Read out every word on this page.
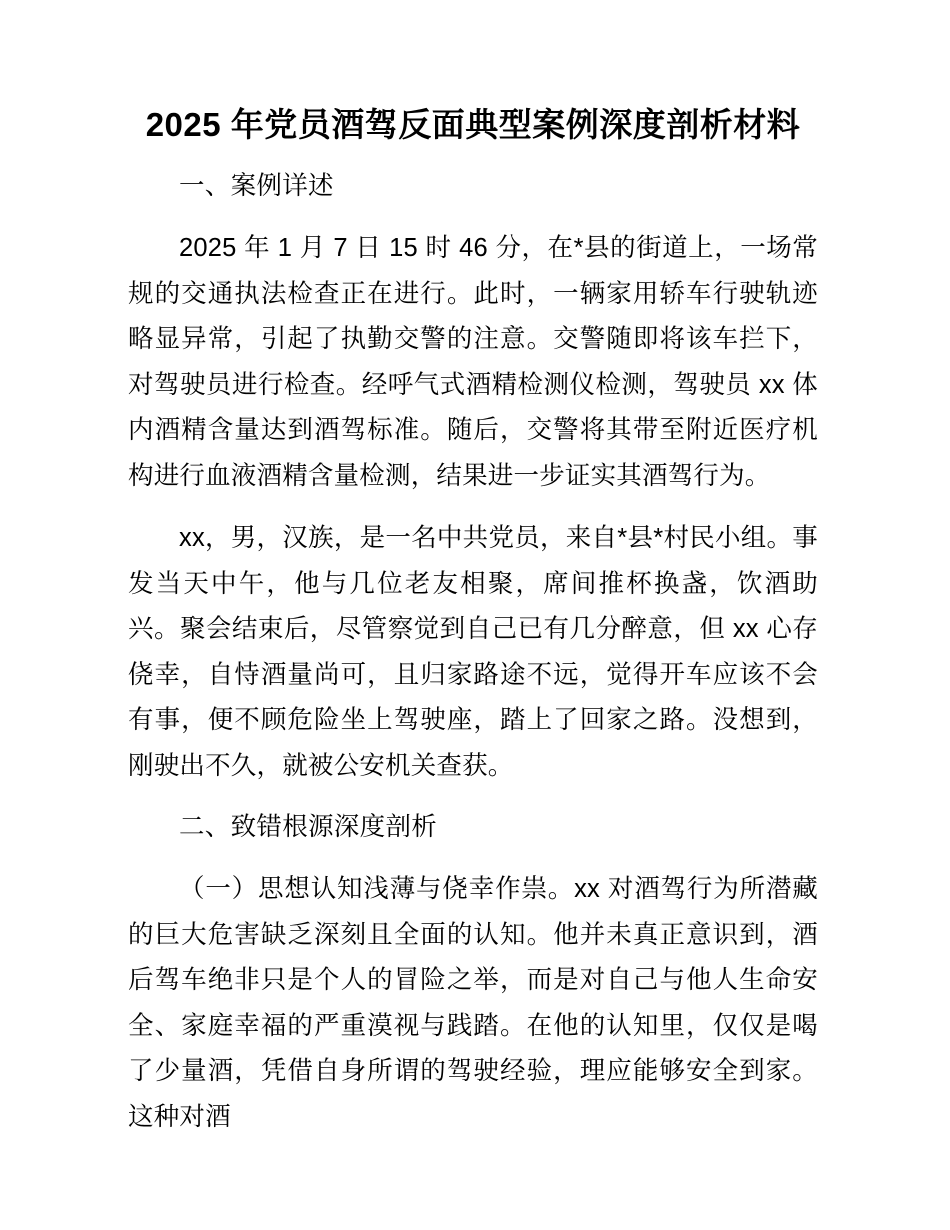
2025 年党员酒驾反面典型案例深度剖析材料
一、案例详述

2025 年 1 月 7 日 15 时 46 分，在*县的街道上，一场常规的交通执法检查正在进行。此时，一辆家用轿车行驶轨迹略显异常，引起了执勤交警的注意。交警随即将该车拦下，对驾驶员进行检查。经呼气式酒精检测仪检测，驾驶员 xx 体内酒精含量达到酒驾标准。随后，交警将其带至附近医疗机构进行血液酒精含量检测，结果进一步证实其酒驾行为。

xx，男，汉族，是一名中共党员，来自*县*村民小组。事发当天中午，他与几位老友相聚，席间推杯换盏，饮酒助兴。聚会结束后，尽管察觉到自己已有几分醉意，但 xx 心存侥幸，自恃酒量尚可，且归家路途不远，觉得开车应该不会有事，便不顾危险坐上驾驶座，踏上了回家之路。没想到，刚驶出不久，就被公安机关查获。

二、致错根源深度剖析

（一）思想认知浅薄与侥幸作祟。xx 对酒驾行为所潜藏的巨大危害缺乏深刻且全面的认知。他并未真正意识到，酒后驾车绝非只是个人的冒险之举，而是对自己与他人生命安全、家庭幸福的严重漠视与践踏。在他的认知里，仅仅是喝了少量酒，凭借自身所谓的驾驶经验，理应能够安全到家。这种对酒
